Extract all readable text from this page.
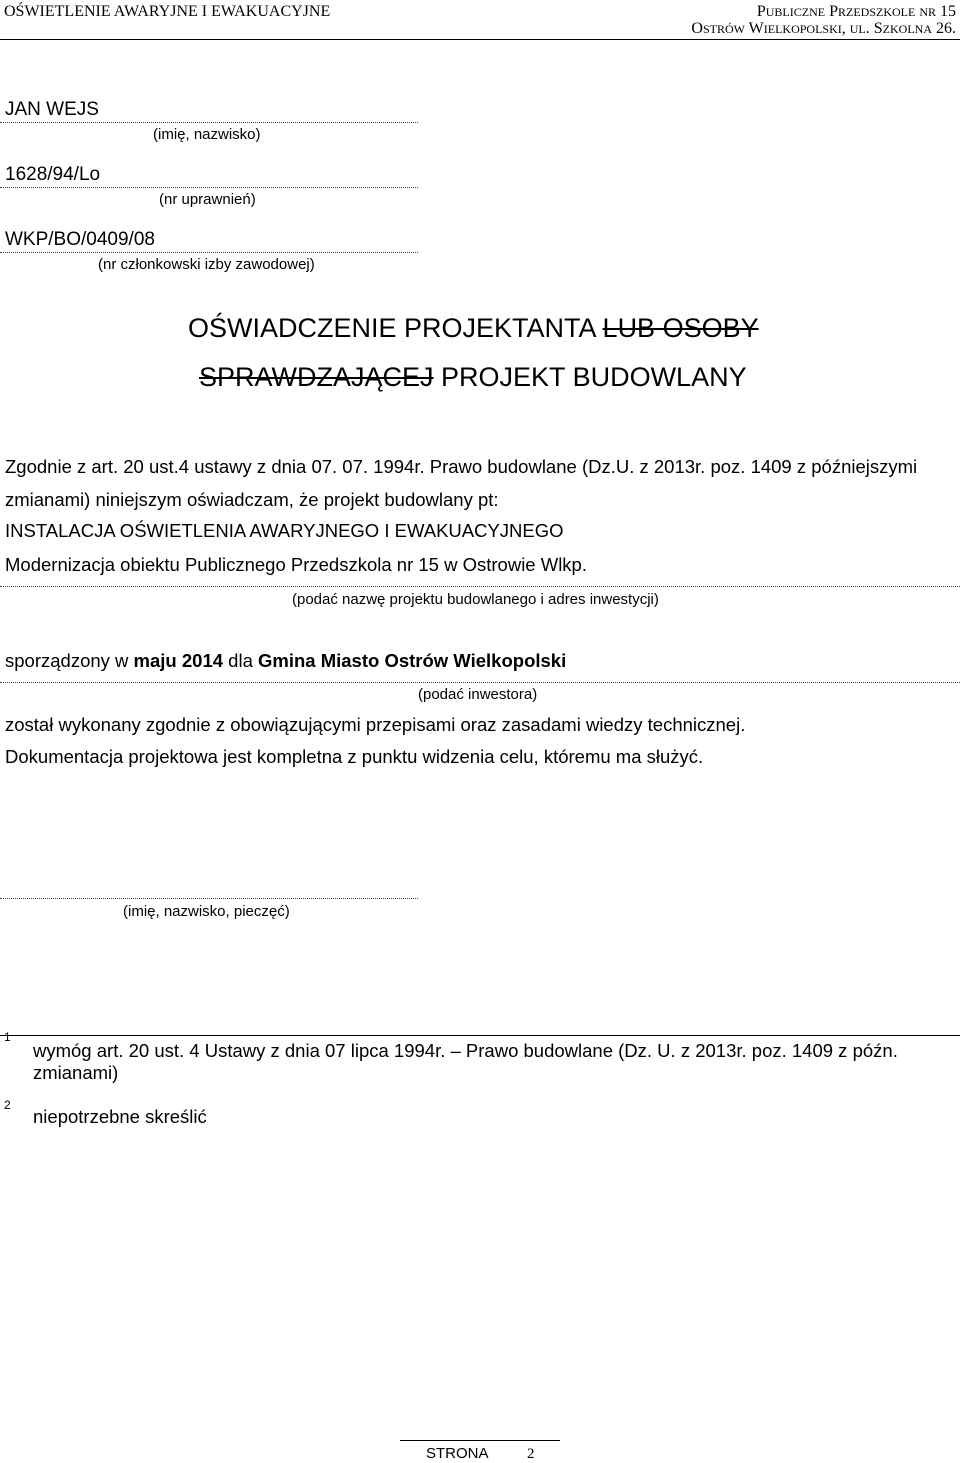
OŚWIETLENIE AWARYJNE I EWAKUACYJNE	PUBLICZNE PRZEDSZKOLE NR 15
OSTRÓW WIELKOPOLSKI, UL. SZKOLNA 26.
JAN WEJS
(imię, nazwisko)
1628/94/Lo
(nr uprawnień)
WKP/BO/0409/08
(nr członkowski izby zawodowej)
OŚWIADCZENIE PROJEKTANTA LUB OSOBY
SPRAWDZAJĄCEJ PROJEKT BUDOWLANY
Zgodnie z art. 20 ust.4 ustawy z dnia 07. 07. 1994r. Prawo budowlane (Dz.U. z 2013r. poz. 1409 z późniejszymi
zmianami) niniejszym oświadczam, że projekt budowlany pt:
INSTALACJA OŚWIETLENIA AWARYJNEGO I EWAKUACYJNEGO
Modernizacja obiektu Publicznego Przedszkola nr 15 w Ostrowie Wlkp.
(podać nazwę projektu budowlanego i adres inwestycji)
sporządzony w maju 2014 dla Gmina Miasto Ostrów Wielkopolski
(podać inwestora)
został wykonany zgodnie z obowiązującymi przepisami oraz zasadami wiedzy technicznej.
Dokumentacja projektowa jest kompletna z punktu widzenia celu, któremu ma służyć.
(imię, nazwisko, pieczęć)
1
wymóg art. 20 ust. 4 Ustawy z dnia 07 lipca 1994r. – Prawo budowlane (Dz. U. z 2013r. poz. 1409 z późn.
zmianami)
2
niepotrzebne skreślić
STRONA	2
